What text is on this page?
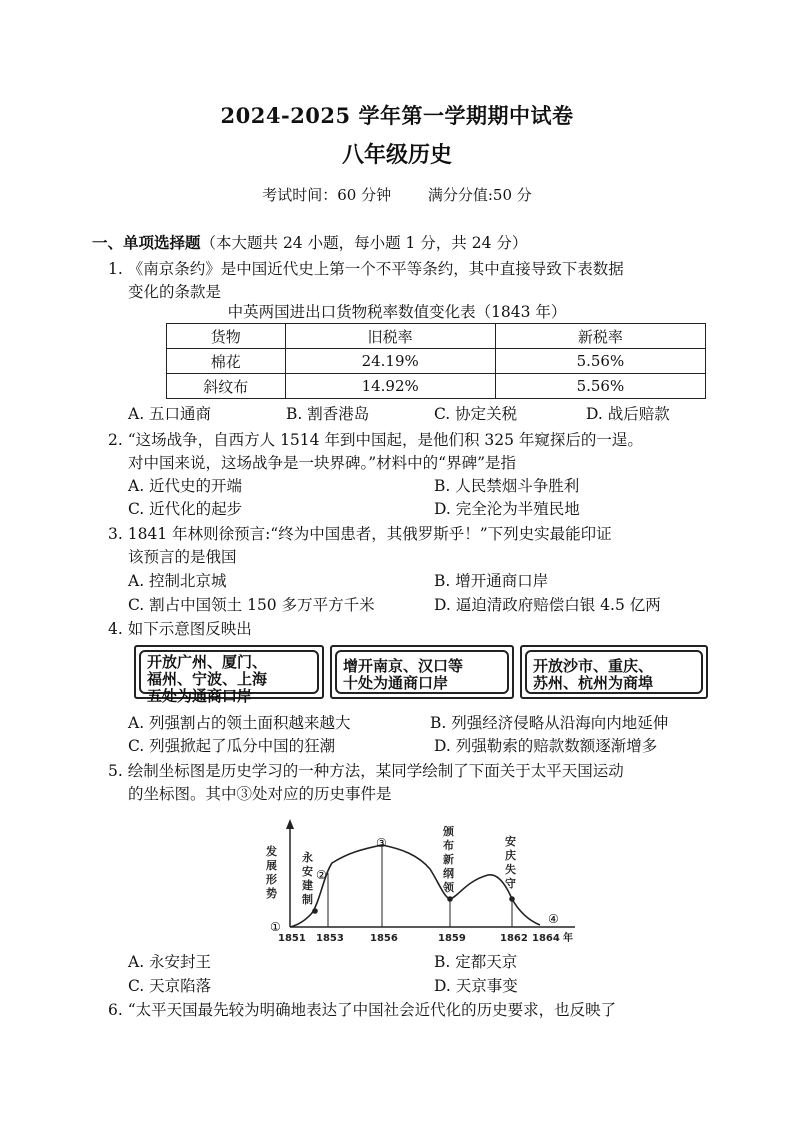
2024-2025 学年第一学期期中试卷
八年级历史
考试时间：60 分钟 满分分值:50 分
一、单项选择题（本大题共 24 小题，每小题 1 分，共 24 分）
1. 《南京条约》是中国近代史上第一个不平等条约，其中直接导致下表数据
变化的条款是
中英两国进出口货物税率数值变化表（1843 年）
货物	旧税率	新税率
棉花	24.19%	5.56%
斜纹布	14.92%	5.56%
A. 五口通商	B. 割香港岛	C. 协定关税	D. 战后赔款
2. “这场战争，自西方人 1514 年到中国起，是他们积 325 年窥探后的一逞。
对中国来说，这场战争是一块界碑。”材料中的“界碑”是指
A. 近代史的开端	B. 人民禁烟斗争胜利
C. 近代化的起步	D. 完全沦为半殖民地
3. 1841 年林则徐预言:“终为中国患者，其俄罗斯乎！”下列史实最能印证
该预言的是俄国
A. 控制北京城	B. 增开通商口岸
C. 割占中国领土 150 多万平方千米	D. 逼迫清政府赔偿白银 4.5 亿两
4. 如下示意图反映出
开放广州、厦门、
福州、宁波、上海
五处为通商口岸
增开南京、汉口等
十处为通商口岸
开放沙市、重庆、
苏州、杭州为商埠
A. 列强割占的领土面积越来越大	B. 列强经济侵略从沿海向内地延伸
C. 列强掀起了瓜分中国的狂潮	D. 列强勒索的赔款数额逐渐增多
5. 绘制坐标图是历史学习的一种方法，某同学绘制了下面关于太平天国运动
的坐标图。其中③处对应的历史事件是
发
展
形
势
①
②
③
④
永
安
建
制
颁
布
新
纲
领
安
庆
失
守
1851 1853	1856	1859	1862 1864 年
A. 永安封王	B. 定都天京
C. 天京陷落	D. 天京事变
6. “太平天国最先较为明确地表达了中国社会近代化的历史要求，也反映了
